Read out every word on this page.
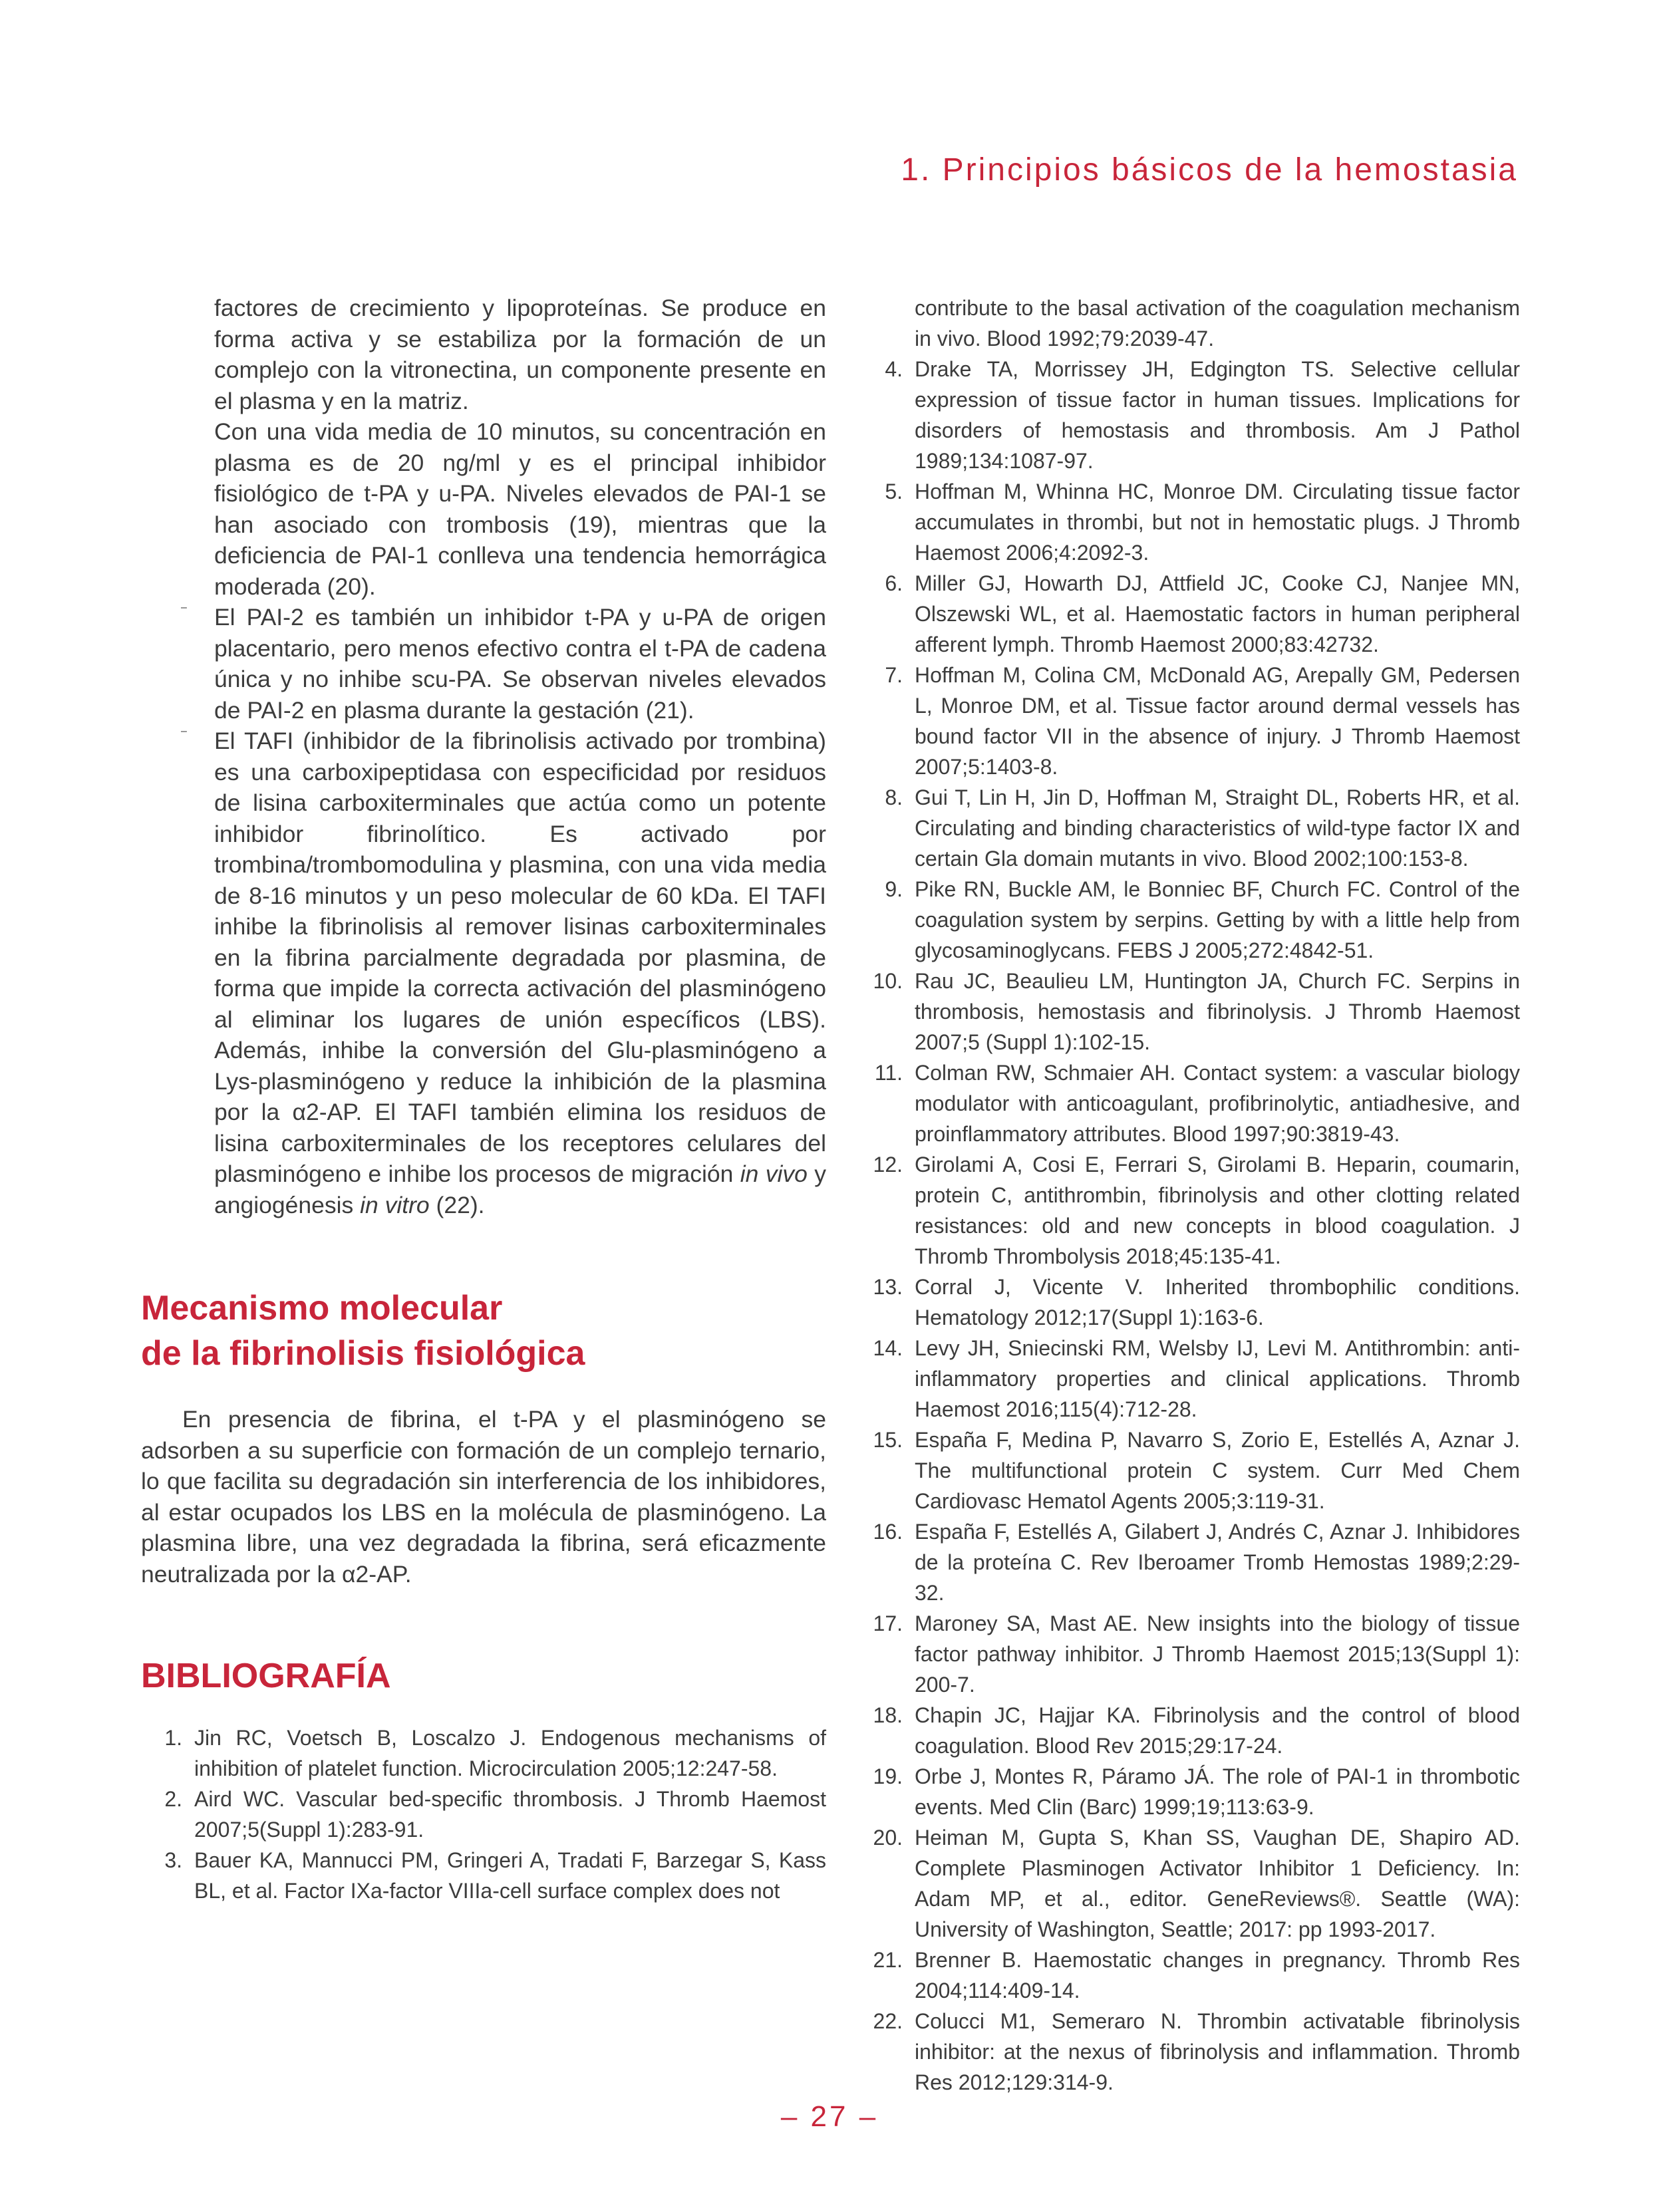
1. Principios básicos de la hemostasia

factores de crecimiento y lipoproteínas. Se produce en forma activa y se estabiliza por la formación de un complejo con la vitronectina, un componente presente en el plasma y en la matriz.

Con una vida media de 10 minutos, su concentración en plasma es de 20 ng/ml y es el principal inhibidor fisiológico de t-PA y u-PA. Niveles elevados de PAI-1 se han asociado con trombosis (19), mientras que la deficiencia de PAI-1 conlleva una tendencia hemorrágica moderada (20).

– El PAI-2 es también un inhibidor t-PA y u-PA de origen placentario, pero menos efectivo contra el t-PA de cadena única y no inhibe scu-PA. Se observan niveles elevados de PAI-2 en plasma durante la gestación (21).

– El TAFI (inhibidor de la fibrinolisis activado por trombina) es una carboxipeptidasa con especificidad por residuos de lisina carboxiterminales que actúa como un potente inhibidor fibrinolítico. Es activado por trombina/trombomodulina y plasmina, con una vida media de 8-16 minutos y un peso molecular de 60 kDa. El TAFI inhibe la fibrinolisis al remover lisinas carboxiterminales en la fibrina parcialmente degradada por plasmina, de forma que impide la correcta activación del plasminógeno al eliminar los lugares de unión específicos (LBS). Además, inhibe la conversión del Glu-plasminógeno a Lys-plasminógeno y reduce la inhibición de la plasmina por la α2-AP. El TAFI también elimina los residuos de lisina carboxiterminales de los receptores celulares del plasminógeno e inhibe los procesos de migración in vivo y angiogénesis in vitro (22).

Mecanismo molecular
de la fibrinolisis fisiológica

En presencia de fibrina, el t-PA y el plasminógeno se adsorben a su superficie con formación de un complejo ternario, lo que facilita su degradación sin interferencia de los inhibidores, al estar ocupados los LBS en la molécula de plasminógeno. La plasmina libre, una vez degradada la fibrina, será eficazmente neutralizada por la α2-AP.

BIBLIOGRAFÍA
1. Jin RC, Voetsch B, Loscalzo J. Endogenous mechanisms of inhibition of platelet function. Microcirculation 2005;12:247-58.
2. Aird WC. Vascular bed-specific thrombosis. J Thromb Haemost 2007;5(Suppl 1):283-91.
3. Bauer KA, Mannucci PM, Gringeri A, Tradati F, Barzegar S, Kass BL, et al. Factor IXa-factor VIIIa-cell surface complex does not
contribute to the basal activation of the coagulation mechanism in vivo. Blood 1992;79:2039-47.
4. Drake TA, Morrissey JH, Edgington TS. Selective cellular expression of tissue factor in human tissues. Implications for disorders of hemostasis and thrombosis. Am J Pathol 1989;134:1087-97.
5. Hoffman M, Whinna HC, Monroe DM. Circulating tissue factor accumulates in thrombi, but not in hemostatic plugs. J Thromb Haemost 2006;4:2092-3.
6. Miller GJ, Howarth DJ, Attfield JC, Cooke CJ, Nanjee MN, Olszewski WL, et al. Haemostatic factors in human peripheral afferent lymph. Thromb Haemost 2000;83:42732.
7. Hoffman M, Colina CM, McDonald AG, Arepally GM, Pedersen L, Monroe DM, et al. Tissue factor around dermal vessels has bound factor VII in the absence of injury. J Thromb Haemost 2007;5:1403-8.
8. Gui T, Lin H, Jin D, Hoffman M, Straight DL, Roberts HR, et al. Circulating and binding characteristics of wild-type factor IX and certain Gla domain mutants in vivo. Blood 2002;100:153-8.
9. Pike RN, Buckle AM, le Bonniec BF, Church FC. Control of the coagulation system by serpins. Getting by with a little help from glycosaminoglycans. FEBS J 2005;272:4842-51.
10. Rau JC, Beaulieu LM, Huntington JA, Church FC. Serpins in thrombosis, hemostasis and fibrinolysis. J Thromb Haemost 2007;5 (Suppl 1):102-15.
11. Colman RW, Schmaier AH. Contact system: a vascular biology modulator with anticoagulant, profibrinolytic, antiadhesive, and proinflammatory attributes. Blood 1997;90:3819-43.
12. Girolami A, Cosi E, Ferrari S, Girolami B. Heparin, coumarin, protein C, antithrombin, fibrinolysis and other clotting related resistances: old and new concepts in blood coagulation. J Thromb Thrombolysis 2018;45:135-41.
13. Corral J, Vicente V. Inherited thrombophilic conditions. Hematology 2012;17(Suppl 1):163-6.
14. Levy JH, Sniecinski RM, Welsby IJ, Levi M. Antithrombin: anti-inflammatory properties and clinical applications. Thromb Haemost 2016;115(4):712-28.
15. España F, Medina P, Navarro S, Zorio E, Estellés A, Aznar J. The multifunctional protein C system. Curr Med Chem Cardiovasc Hematol Agents 2005;3:119-31.
16. España F, Estellés A, Gilabert J, Andrés C, Aznar J. Inhibidores de la proteína C. Rev Iberoamer Tromb Hemostas 1989;2:29-32.
17. Maroney SA, Mast AE. New insights into the biology of tissue factor pathway inhibitor. J Thromb Haemost 2015;13(Suppl 1): 200-7.
18. Chapin JC, Hajjar KA. Fibrinolysis and the control of blood coagulation. Blood Rev 2015;29:17-24.
19. Orbe J, Montes R, Páramo JÁ. The role of PAI-1 in thrombotic events. Med Clin (Barc) 1999;19;113:63-9.
20. Heiman M, Gupta S, Khan SS, Vaughan DE, Shapiro AD. Complete Plasminogen Activator Inhibitor 1 Deficiency. In: Adam MP, et al., editor. GeneReviews®. Seattle (WA): University of Washington, Seattle; 2017: pp 1993-2017.
21. Brenner B. Haemostatic changes in pregnancy. Thromb Res 2004;114:409-14.
22. Colucci M1, Semeraro N. Thrombin activatable fibrinolysis inhibitor: at the nexus of fibrinolysis and inflammation. Thromb Res 2012;129:314-9.
– 27 –
